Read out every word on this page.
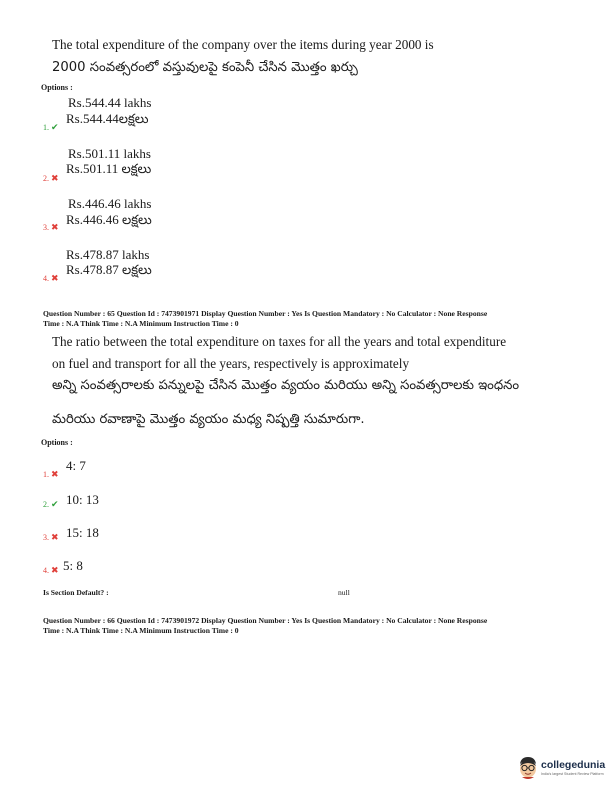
The total expenditure of the company over the items during year 2000 is
2000 సంవత్సరంలో వస్తువులపై కంపెనీ చేసిన మొత్తం ఖర్చు
Options :
Rs.544.44 lakhs
1. ✔
Rs.544.44లక్షలు
Rs.501.11 lakhs
2. ✖
Rs.501.11 లక్షలు
Rs.446.46 lakhs
3. ✖ Rs.446.46 లక్షలు
Rs.478.87 lakhs
4. ✖
Rs.478.87 లక్షలు
Question Number : 65 Question Id : 7473901971 Display Question Number : Yes Is Question Mandatory : No Calculator : None Response
Time : N.A Think Time : N.A Minimum Instruction Time : 0
The ratio between the total expenditure on taxes for all the years and total expenditure
on fuel and transport for all the years, respectively is approximately
అన్ని సంవత్సరాలకు పన్నులపై చేసిన మొత్తం వ్యయం మరియు అన్ని సంవత్సరాలకు ఇంధనం
మరియు రవాణాపై మొత్తం వ్యయం మధ్య నిష్పత్తి సుమారుగా.
Options :
1. ✖
4: 7
2. ✔ 10: 13
3. ✖ 15: 18
4. ✖ 5: 8
Is Section Default? :	null
Question Number : 66 Question Id : 7473901972 Display Question Number : Yes Is Question Mandatory : No Calculator : None Response
Time : N.A Think Time : N.A Minimum Instruction Time : 0
collegedunia
India's largest Student Review Platform
